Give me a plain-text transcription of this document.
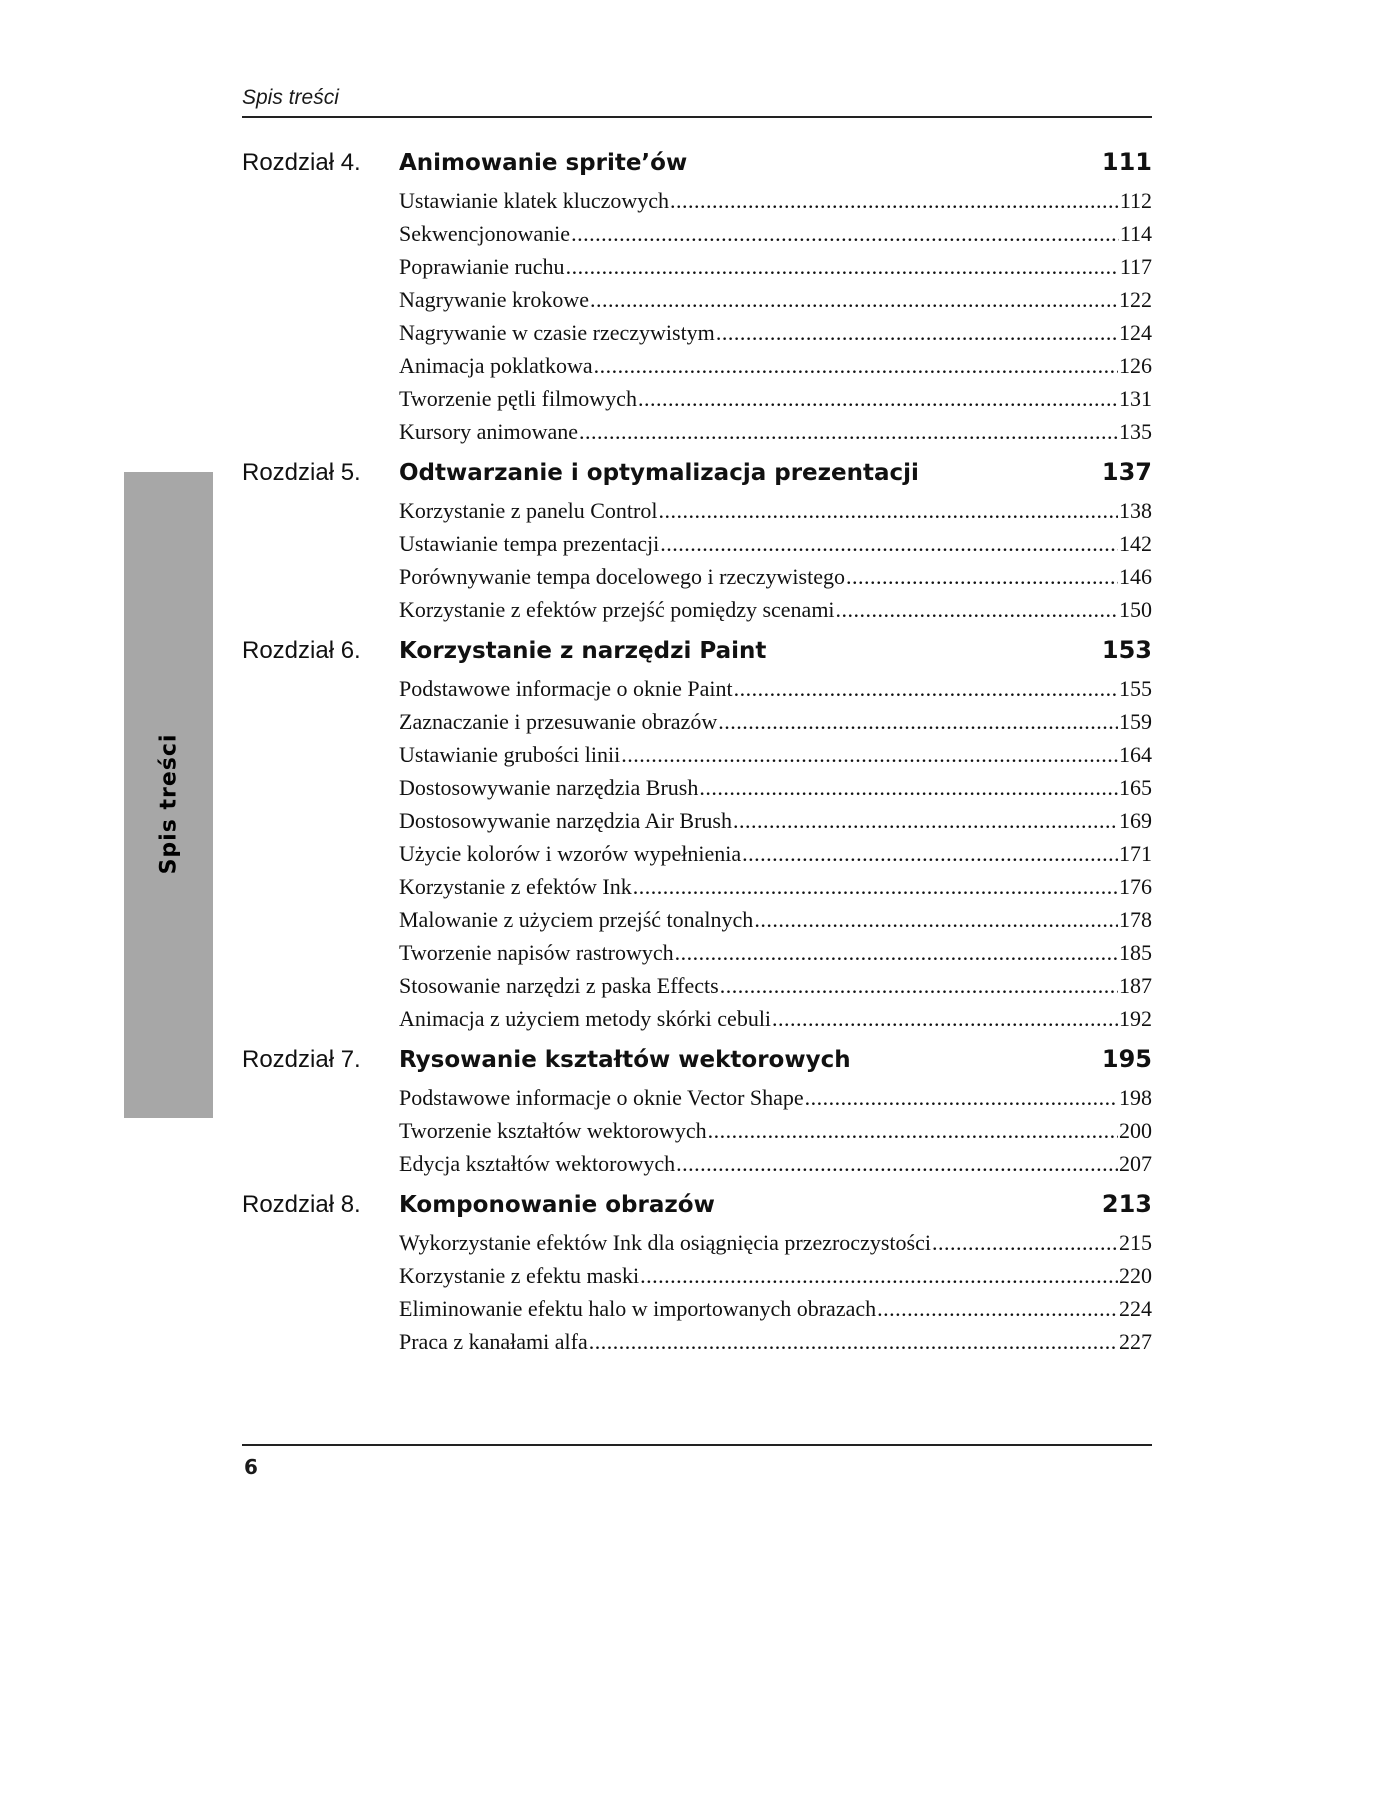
Spis treści
Spis treści
Rozdział 4.	Animowanie sprite’ów	111
Ustawianie klatek kluczowych .....	112
Sekwencjonowanie .....	114
Poprawianie ruchu .....	117
Nagrywanie krokowe .....	122
Nagrywanie w czasie rzeczywistym .....	124
Animacja poklatkowa .....	126
Tworzenie pętli filmowych .....	131
Kursory animowane .....	135
Rozdział 5.	Odtwarzanie i optymalizacja prezentacji	137
Korzystanie z panelu Control .....	138
Ustawianie tempa prezentacji .....	142
Porównywanie tempa docelowego i rzeczywistego .....	146
Korzystanie z efektów przejść pomiędzy scenami .....	150
Rozdział 6.	Korzystanie z narzędzi Paint	153
Podstawowe informacje o oknie Paint .....	155
Zaznaczanie i przesuwanie obrazów .....	159
Ustawianie grubości linii .....	164
Dostosowywanie narzędzia Brush .....	165
Dostosowywanie narzędzia Air Brush .....	169
Użycie kolorów i wzorów wypełnienia .....	171
Korzystanie z efektów Ink .....	176
Malowanie z użyciem przejść tonalnych .....	178
Tworzenie napisów rastrowych .....	185
Stosowanie narzędzi z paska Effects .....	187
Animacja z użyciem metody skórki cebuli .....	192
Rozdział 7.	Rysowanie kształtów wektorowych	195
Podstawowe informacje o oknie Vector Shape .....	198
Tworzenie kształtów wektorowych .....	200
Edycja kształtów wektorowych .....	207
Rozdział 8.	Komponowanie obrazów	213
Wykorzystanie efektów Ink dla osiągnięcia przezroczystości .....	215
Korzystanie z efektu maski .....	220
Eliminowanie efektu halo w importowanych obrazach .....	224
Praca z kanałami alfa .....	227
6
